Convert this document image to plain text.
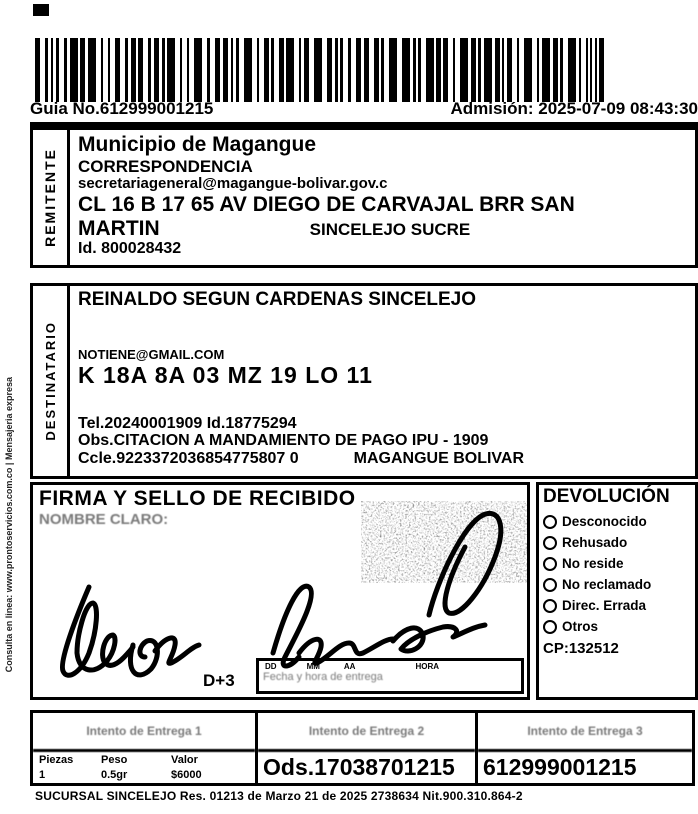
Guia No.612999001215	Admisión: 2025-07-09 08:43:30
REMITENTE
Municipio de Magangue
CORRESPONDENCIA
secretariageneral@magangue-bolivar.gov.c
CL 16 B 17 65 AV DIEGO DE CARVAJAL BRR SAN
MARTIN	SINCELEJO SUCRE
Id. 800028432
DESTINATARIO
REINALDO SEGUN CARDENAS SINCELEJO
NOTIENE@GMAIL.COM
K 18A 8A 03 MZ 19 LO 11
Tel.20240001909 Id.18775294
Obs.CITACION A MANDAMIENTO DE PAGO IPU - 1909
Ccle.9223372036854775807 0	MAGANGUE BOLIVAR
FIRMA Y SELLO DE RECIBIDO
NOMBRE CLARO:
D+3
DD	MM	AA	HORA
Fecha y hora de entrega
DEVOLUCIÓN
Desconocido
Rehusado
No reside
No reclamado
Direc. Errada
Otros
CP:132512
Intento de Entrega 1
Piezas	Peso	Valor
1	0.5gr	$6000
Intento de Entrega 2
Ods.17038701215
Intento de Entrega 3
612999001215
SUCURSAL SINCELEJO Res. 01213 de Marzo 21 de 2025 2738634 Nit.900.310.864-2
Consulta en linea: www.prontoservicios.com.co | Mensajeria expresa
